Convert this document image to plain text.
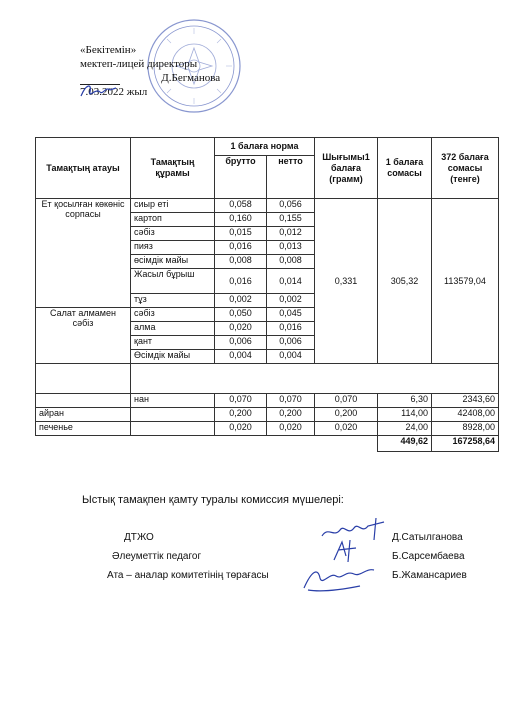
«Бекітемін»
мектеп-лицей директоры
Д.Бегманова
7.03.2022 жыл
Тамақтың атауы	Тамақтың құрамы	1 балаға норма		Шығымы1 балаға (грамм)	1 балаға сомасы	372 балаға сомасы (тенге)
		брутто	нетто			
Ет қосылған көкөніс сорпасы	сиыр еті	0,058	0,056	0,331	305,32	113579,04
	картоп	0,160	0,155			
	сәбіз	0,015	0,012			
	пияз	0,016	0,013			
	өсімдік майы	0,008	0,008			
	Жасыл бұрыш	0,016	0,014			
	тұз	0,002	0,002			
Салат алмамен сәбіз	сәбіз	0,050	0,045			
	алма	0,020	0,016			
	қант	0,006	0,006			
	Өсімдік майы	0,004	0,004			

	нан	0,070	0,070	0,070	6,30	2343,60
айран		0,200	0,200	0,200	114,00	42408,00
печенье		0,020	0,020	0,020	24,00	8928,00
					449,62	167258,64
Ыстық тамақпен қамту туралы комиссия мүшелері:
ДТЖО	Д.Сатылганова
Әлеуметтік педагог	Б.Сарсембаева
Ата – аналар комитетінің төрағасы	Б.Жамансариев
